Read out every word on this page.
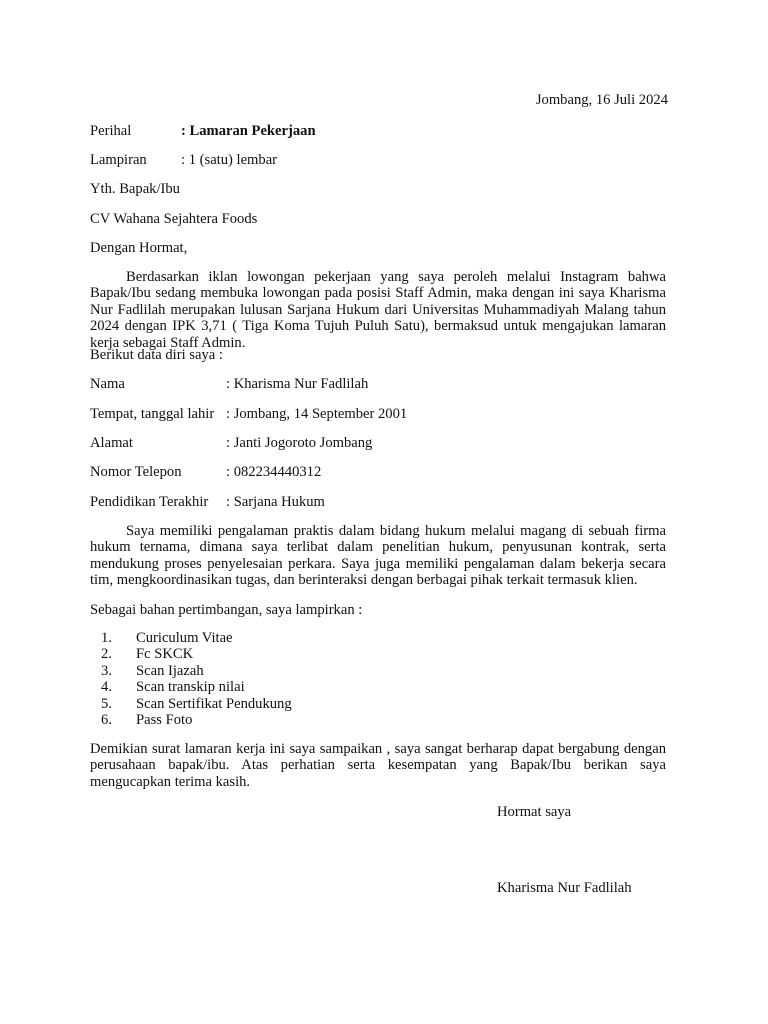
Jombang, 16 Juli 2024
Perihal	: Lamaran Pekerjaan
Lampiran : 1 (satu) lembar
Yth. Bapak/Ibu
CV Wahana Sejahtera Foods
Dengan Hormat,

Berdasarkan iklan lowongan pekerjaan yang saya peroleh melalui Instagram bahwa Bapak/Ibu sedang membuka lowongan pada posisi Staff Admin, maka dengan ini saya Kharisma Nur Fadlilah merupakan lulusan Sarjana Hukum dari Universitas Muhammadiyah Malang tahun 2024 dengan IPK 3,71 ( Tiga Koma Tujuh Puluh Satu), bermaksud untuk mengajukan lamaran kerja sebagai Staff Admin.

Berikut data diri saya :
Nama	: Kharisma Nur Fadlilah
Tempat, tanggal lahir : Jombang, 14 September 2001
Alamat	: Janti Jogoroto Jombang
Nomor Telepon	: 082234440312
Pendidikan Terakhir : Sarjana Hukum

Saya memiliki pengalaman praktis dalam bidang hukum melalui magang di sebuah firma hukum ternama, dimana saya terlibat dalam penelitian hukum, penyusunan kontrak, serta mendukung proses penyelesaian perkara. Saya juga memiliki pengalaman dalam bekerja secara tim, mengkoordinasikan tugas, dan berinteraksi dengan berbagai pihak terkait termasuk klien.

Sebagai bahan pertimbangan, saya lampirkan :
1. Curiculum Vitae
2. Fc SKCK
3. Scan Ijazah
4. Scan transkip nilai
5. Scan Sertifikat Pendukung
6. Pass Foto

Demikian surat lamaran kerja ini saya sampaikan , saya sangat berharap dapat bergabung dengan perusahaan bapak/ibu. Atas perhatian serta kesempatan yang Bapak/Ibu berikan saya mengucapkan terima kasih.

Hormat saya
Kharisma Nur Fadlilah
